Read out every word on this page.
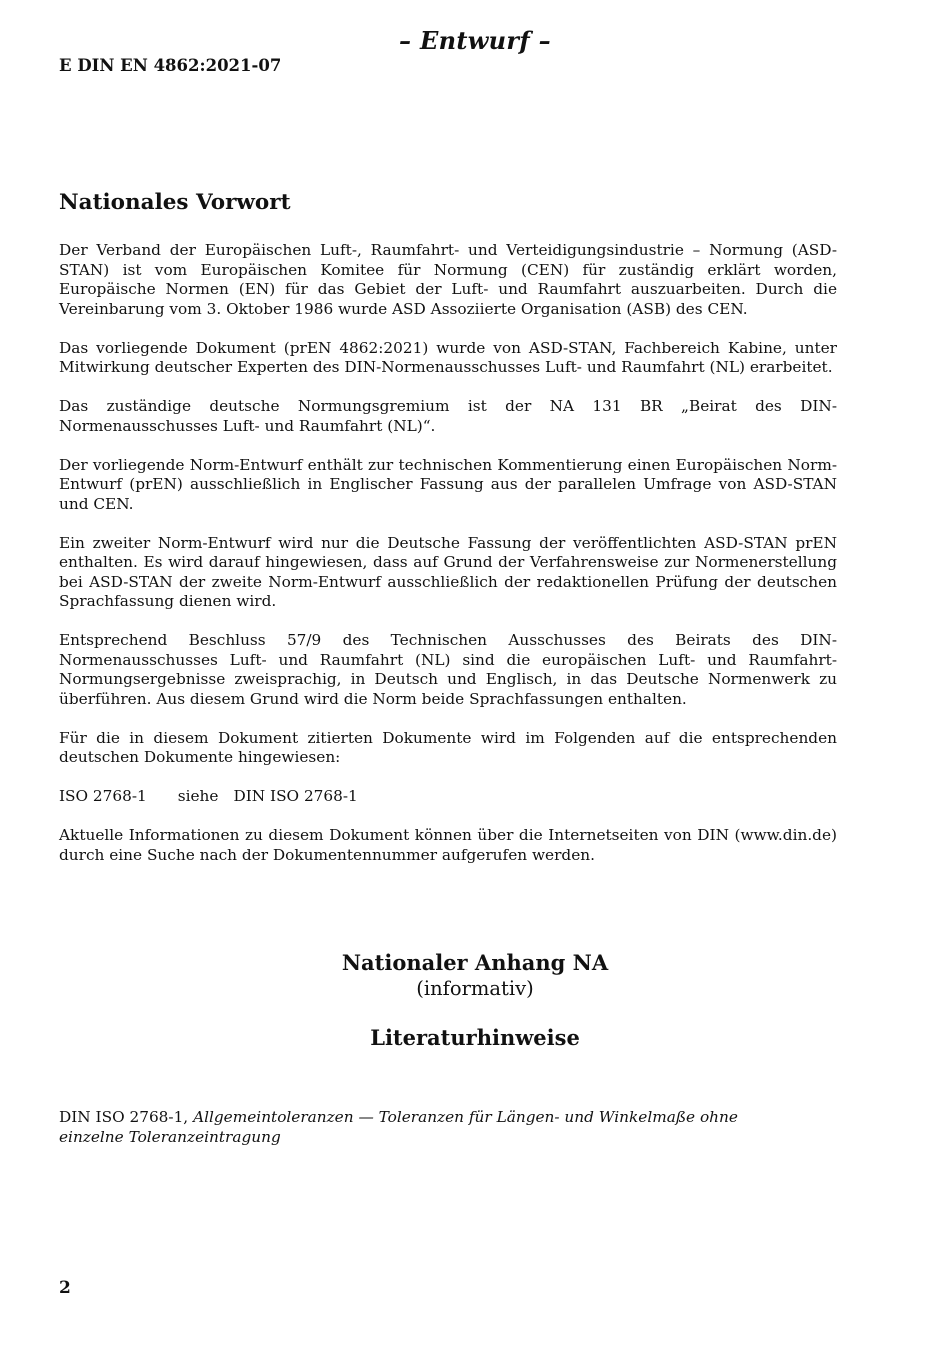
– Entwurf –
E DIN EN 4862:2021-07
Nationales Vorwort

Der Verband der Europäischen Luft-, Raumfahrt- und Verteidigungsindustrie – Normung (ASD-STAN) ist vom Europäischen Komitee für Normung (CEN) für zuständig erklärt worden, Europäische Normen (EN) für das Gebiet der Luft- und Raumfahrt auszuarbeiten. Durch die Vereinbarung vom 3. Oktober 1986 wurde ASD Assoziierte Organisation (ASB) des CEN.

Das vorliegende Dokument (prEN 4862:2021) wurde von ASD-STAN, Fachbereich Kabine, unter Mitwirkung deutscher Experten des DIN-Normenausschusses Luft- und Raumfahrt (NL) erarbeitet.

Das zuständige deutsche Normungsgremium ist der NA 131 BR „Beirat des DIN-Normenausschusses Luft- und Raumfahrt (NL)“.

Der vorliegende Norm-Entwurf enthält zur technischen Kommentierung einen Europäischen Norm-Entwurf (prEN) ausschließlich in Englischer Fassung aus der parallelen Umfrage von ASD-STAN und CEN.

Ein zweiter Norm-Entwurf wird nur die Deutsche Fassung der veröffentlichten ASD-STAN prEN enthalten. Es wird darauf hingewiesen, dass auf Grund der Verfahrensweise zur Normenerstellung bei ASD-STAN der zweite Norm-Entwurf ausschließlich der redaktionellen Prüfung der deutschen Sprachfassung dienen wird.

Entsprechend Beschluss 57/9 des Technischen Ausschusses des Beirats des DIN-Normenausschusses Luft- und Raumfahrt (NL) sind die europäischen Luft- und Raumfahrt-Normungsergebnisse zweisprachig, in Deutsch und Englisch, in das Deutsche Normenwerk zu überführen. Aus diesem Grund wird die Norm beide Sprachfassungen enthalten.

Für die in diesem Dokument zitierten Dokumente wird im Folgenden auf die entsprechenden deutschen Dokumente hingewiesen:

ISO 2768-1 siehe DIN ISO 2768-1

Aktuelle Informationen zu diesem Dokument können über die Internetseiten von DIN (www.din.de) durch eine Suche nach der Dokumentennummer aufgerufen werden.

Nationaler Anhang NA
(informativ)
Literaturhinweise
DIN ISO 2768-1, Allgemeintoleranzen — Toleranzen für Längen- und Winkelmaße ohne einzelne Toleranzeintragung
2
